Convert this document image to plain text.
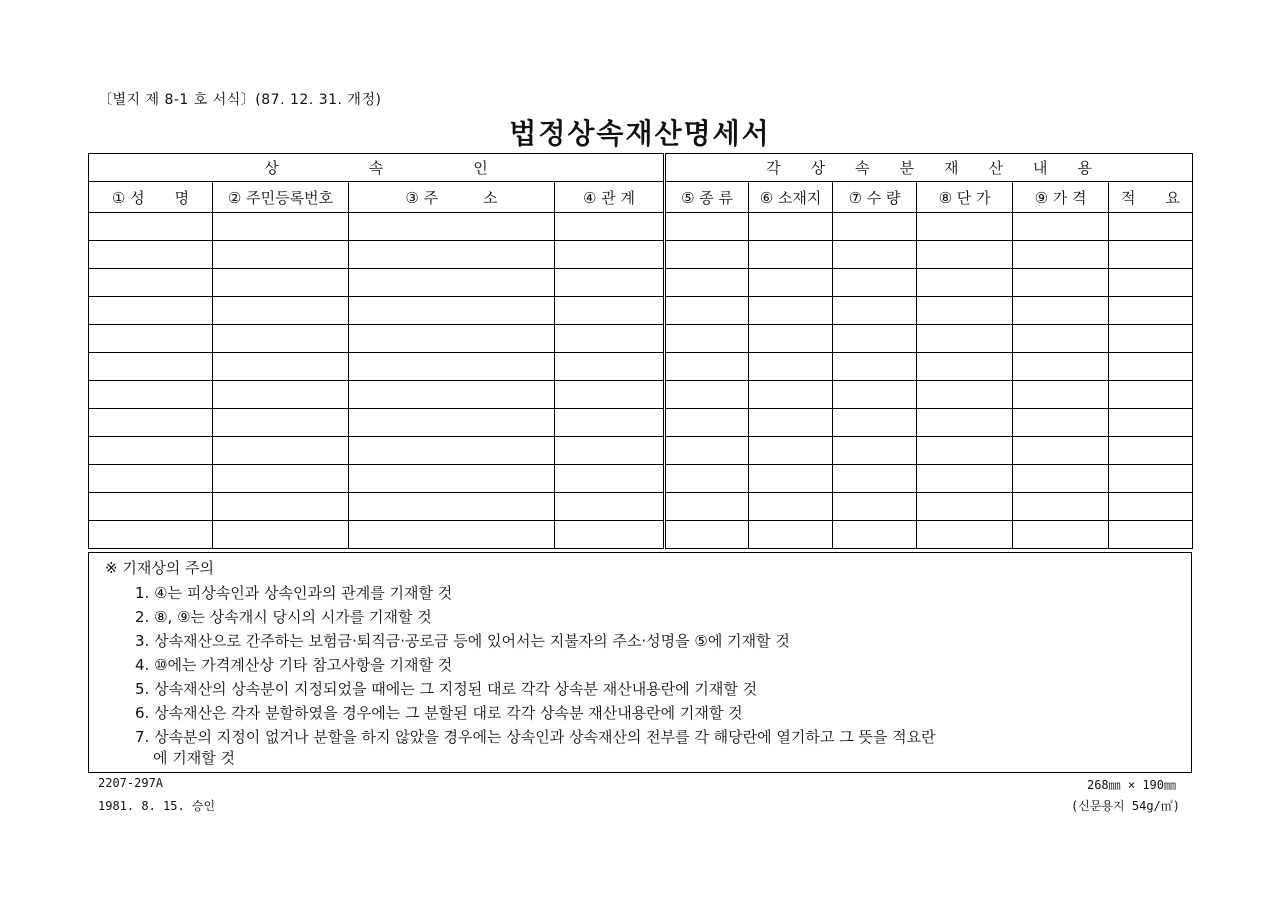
〔별지 제 8-1 호 서식〕(87. 12. 31. 개정)
법정상속재산명세서
상　　　　　　속　　　　　　인				각　　상　　속　　분　　재　　산　　내　　용					

① 성　　명	② 주민등록번호	③ 주　　　소	④ 관 계	⑤ 종 류	⑥ 소재지	⑦ 수 량	⑧ 단 가	⑨ 가 격	적　　요

※ 기재상의 주의
1. ④는 피상속인과 상속인과의 관계를 기재할 것
2. ⑧, ⑨는 상속개시 당시의 시가를 기재할 것
3. 상속재산으로 간주하는 보험금·퇴직금·공로금 등에 있어서는 지불자의 주소·성명을 ⑤에 기재할 것
4. ⑩에는 가격계산상 기타 참고사항을 기재할 것
5. 상속재산의 상속분이 지정되었을 때에는 그 지정된 대로 각각 상속분 재산내용란에 기재할 것
6. 상속재산은 각자 분할하였을 경우에는 그 분할된 대로 각각 상속분 재산내용란에 기재할 것
7. 상속분의 지정이 없거나 분할을 하지 않았을 경우에는 상속인과 상속재산의 전부를 각 해당란에 열기하고 그 뜻을 적요란
에 기재할 것
2207-297A
1981. 8. 15. 승인
268㎜ × 190㎜
(신문용지 54g/㎡)
